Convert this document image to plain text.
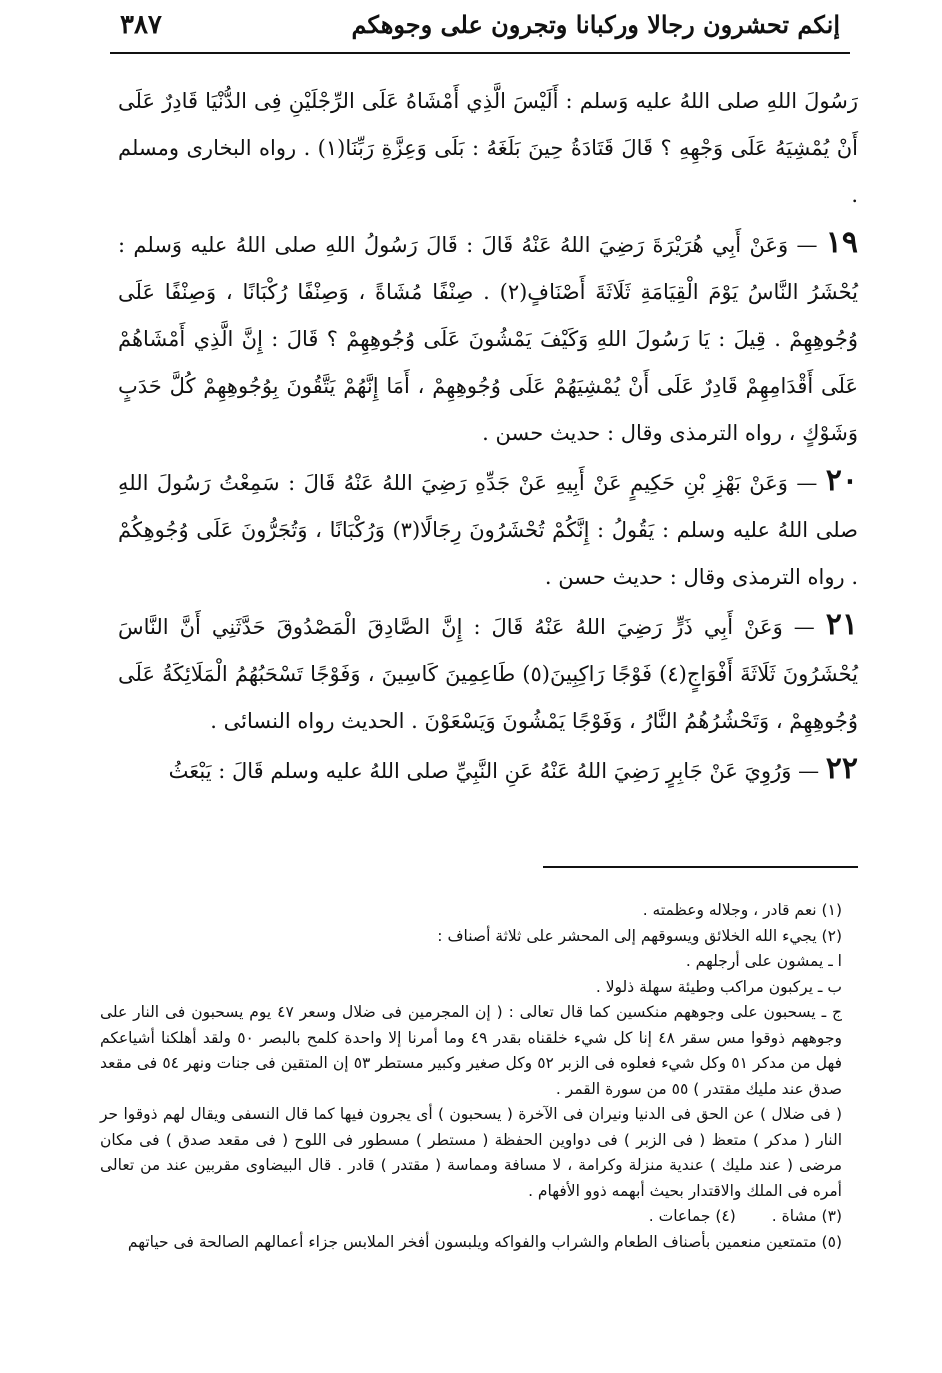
إنكم تحشرون رجالا وركبانا وتجرون على وجوهكم
٣٨٧

رَسُولَ اللهِ صلى اللهُ عليه وَسلم : أَلَيْسَ الَّذِي أَمْشَاهُ عَلَى الرِّجْلَيْنِ فِى الدُّنْيَا قَادِرٌ عَلَى أَنْ يُمْشِيَهُ عَلَى وَجْهِهِ ؟ قَالَ قَتَادَةُ حِينَ بَلَغَهُ : بَلَى وَعِزَّةِ رَبِّنَا(١) . رواه البخارى ومسلم .

١٩ — وَعَنْ أَبِي هُرَيْرَةَ رَضِيَ اللهُ عَنْهُ قَالَ : قَالَ رَسُولُ اللهِ صلى اللهُ عليه وَسلم : يُحْشَرُ النَّاسُ يَوْمَ الْقِيَامَةِ ثَلَاثَةَ أَصْنَافٍ(٢) . صِنْفًا مُشَاةً ، وَصِنْفًا رُكْبَانًا ، وَصِنْفًا عَلَى وُجُوهِهِمْ . قِيلَ : يَا رَسُولَ اللهِ وَكَيْفَ يَمْشُونَ عَلَى وُجُوهِهِمْ ؟ قَالَ : إِنَّ الَّذِي أَمْشَاهُمْ عَلَى أَقْدَامِهِمْ قَادِرٌ عَلَى أَنْ يُمْشِيَهُمْ عَلَى وُجُوهِهِمْ ، أَمَا إِنَّهُمْ يَتَّقُونَ بِوُجُوهِهِمْ كُلَّ حَدَبٍ وَشَوْكٍ ، رواه الترمذى وقال : حديث حسن .

٢٠ — وَعَنْ بَهْزِ بْنِ حَكِيمٍ عَنْ أَبِيهِ عَنْ جَدِّهِ رَضِيَ اللهُ عَنْهُ قَالَ : سَمِعْتُ رَسُولَ اللهِ صلى اللهُ عليه وسلم : يَقُولُ : إِنَّكُمْ تُحْشَرُونَ رِجَالًا(٣) وَرُكْبَانًا ، وَتُجَرُّونَ عَلَى وُجُوهِكُمْ . رواه الترمذى وقال : حديث حسن .

٢١ — وَعَنْ أَبِي ذَرٍّ رَضِيَ اللهُ عَنْهُ قَالَ : إِنَّ الصَّادِقَ الْمَصْدُوقَ حَدَّثَنِي أَنَّ النَّاسَ يُحْشَرُونَ ثَلَاثَةَ أَفْوَاجٍ(٤) فَوْجًا رَاكِبِينَ(٥) طَاعِمِينَ كَاسِينَ ، وَفَوْجًا تَسْحَبُهُمُ الْمَلَائِكَةُ عَلَى وُجُوهِهِمْ ، وَتَحْشُرُهُمُ النَّارُ ، وَفَوْجًا يَمْشُونَ وَيَسْعَوْنَ . الحديث رواه النسائى .

٢٢ — وَرُوِيَ عَنْ جَابِرٍ رَضِيَ اللهُ عَنْهُ عَنِ النَّبِيِّ صلى اللهُ عليه وسلم قَالَ : يَبْعَثُ

(١) نعم قادر ، وجلاله وعظمته .

(٢) يجيء الله الخلائق ويسوقهم إلى المحشر على ثلاثة أصناف :

ا ـ يمشون على أرجلهم .

ب ـ يركبون مراكب وطيئة سهلة ذلولا .

ج ـ يسحبون على وجوههم منكسين كما قال تعالى : ( إن المجرمين فى ضلال وسعر ٤٧ يوم يسحبون فى النار على وجوههم ذوقوا مس سقر ٤٨ إنا كل شيء خلقناه بقدر ٤٩ وما أمرنا إلا واحدة كلمح بالبصر ٥٠ ولقد أهلكنا أشياعكم فهل من مدكر ٥١ وكل شيء فعلوه فى الزبر ٥٢ وكل صغير وكبير مستطر ٥٣ إن المتقين فى جنات ونهر ٥٤ فى مقعد صدق عند مليك مقتدر ) ٥٥ من سورة القمر .

( فى ضلال ) عن الحق فى الدنيا ونيران فى الآخرة ( يسحبون ) أى يجرون فيها كما قال النسفى ويقال لهم ذوقوا حر النار ( مدكر ) متعظ ( فى الزبر ) فى دواوين الحفظة ( مستطر ) مسطور فى اللوح ( فى مقعد صدق ) فى مكان مرضى ( عند مليك ) عندية منزلة وكرامة ، لا مسافة ومماسة ( مقتدر ) قادر . قال البيضاوى مقربين عند من تعالى أمره فى الملك والاقتدار بحيث أبهمه ذوو الأفهام .

(٣) مشاة .
(٤) جماعات .

(٥) متمتعين منعمين بأصناف الطعام والشراب والفواكه ويلبسون أفخر الملابس جزاء أعمالهم الصالحة فى حياتهم
